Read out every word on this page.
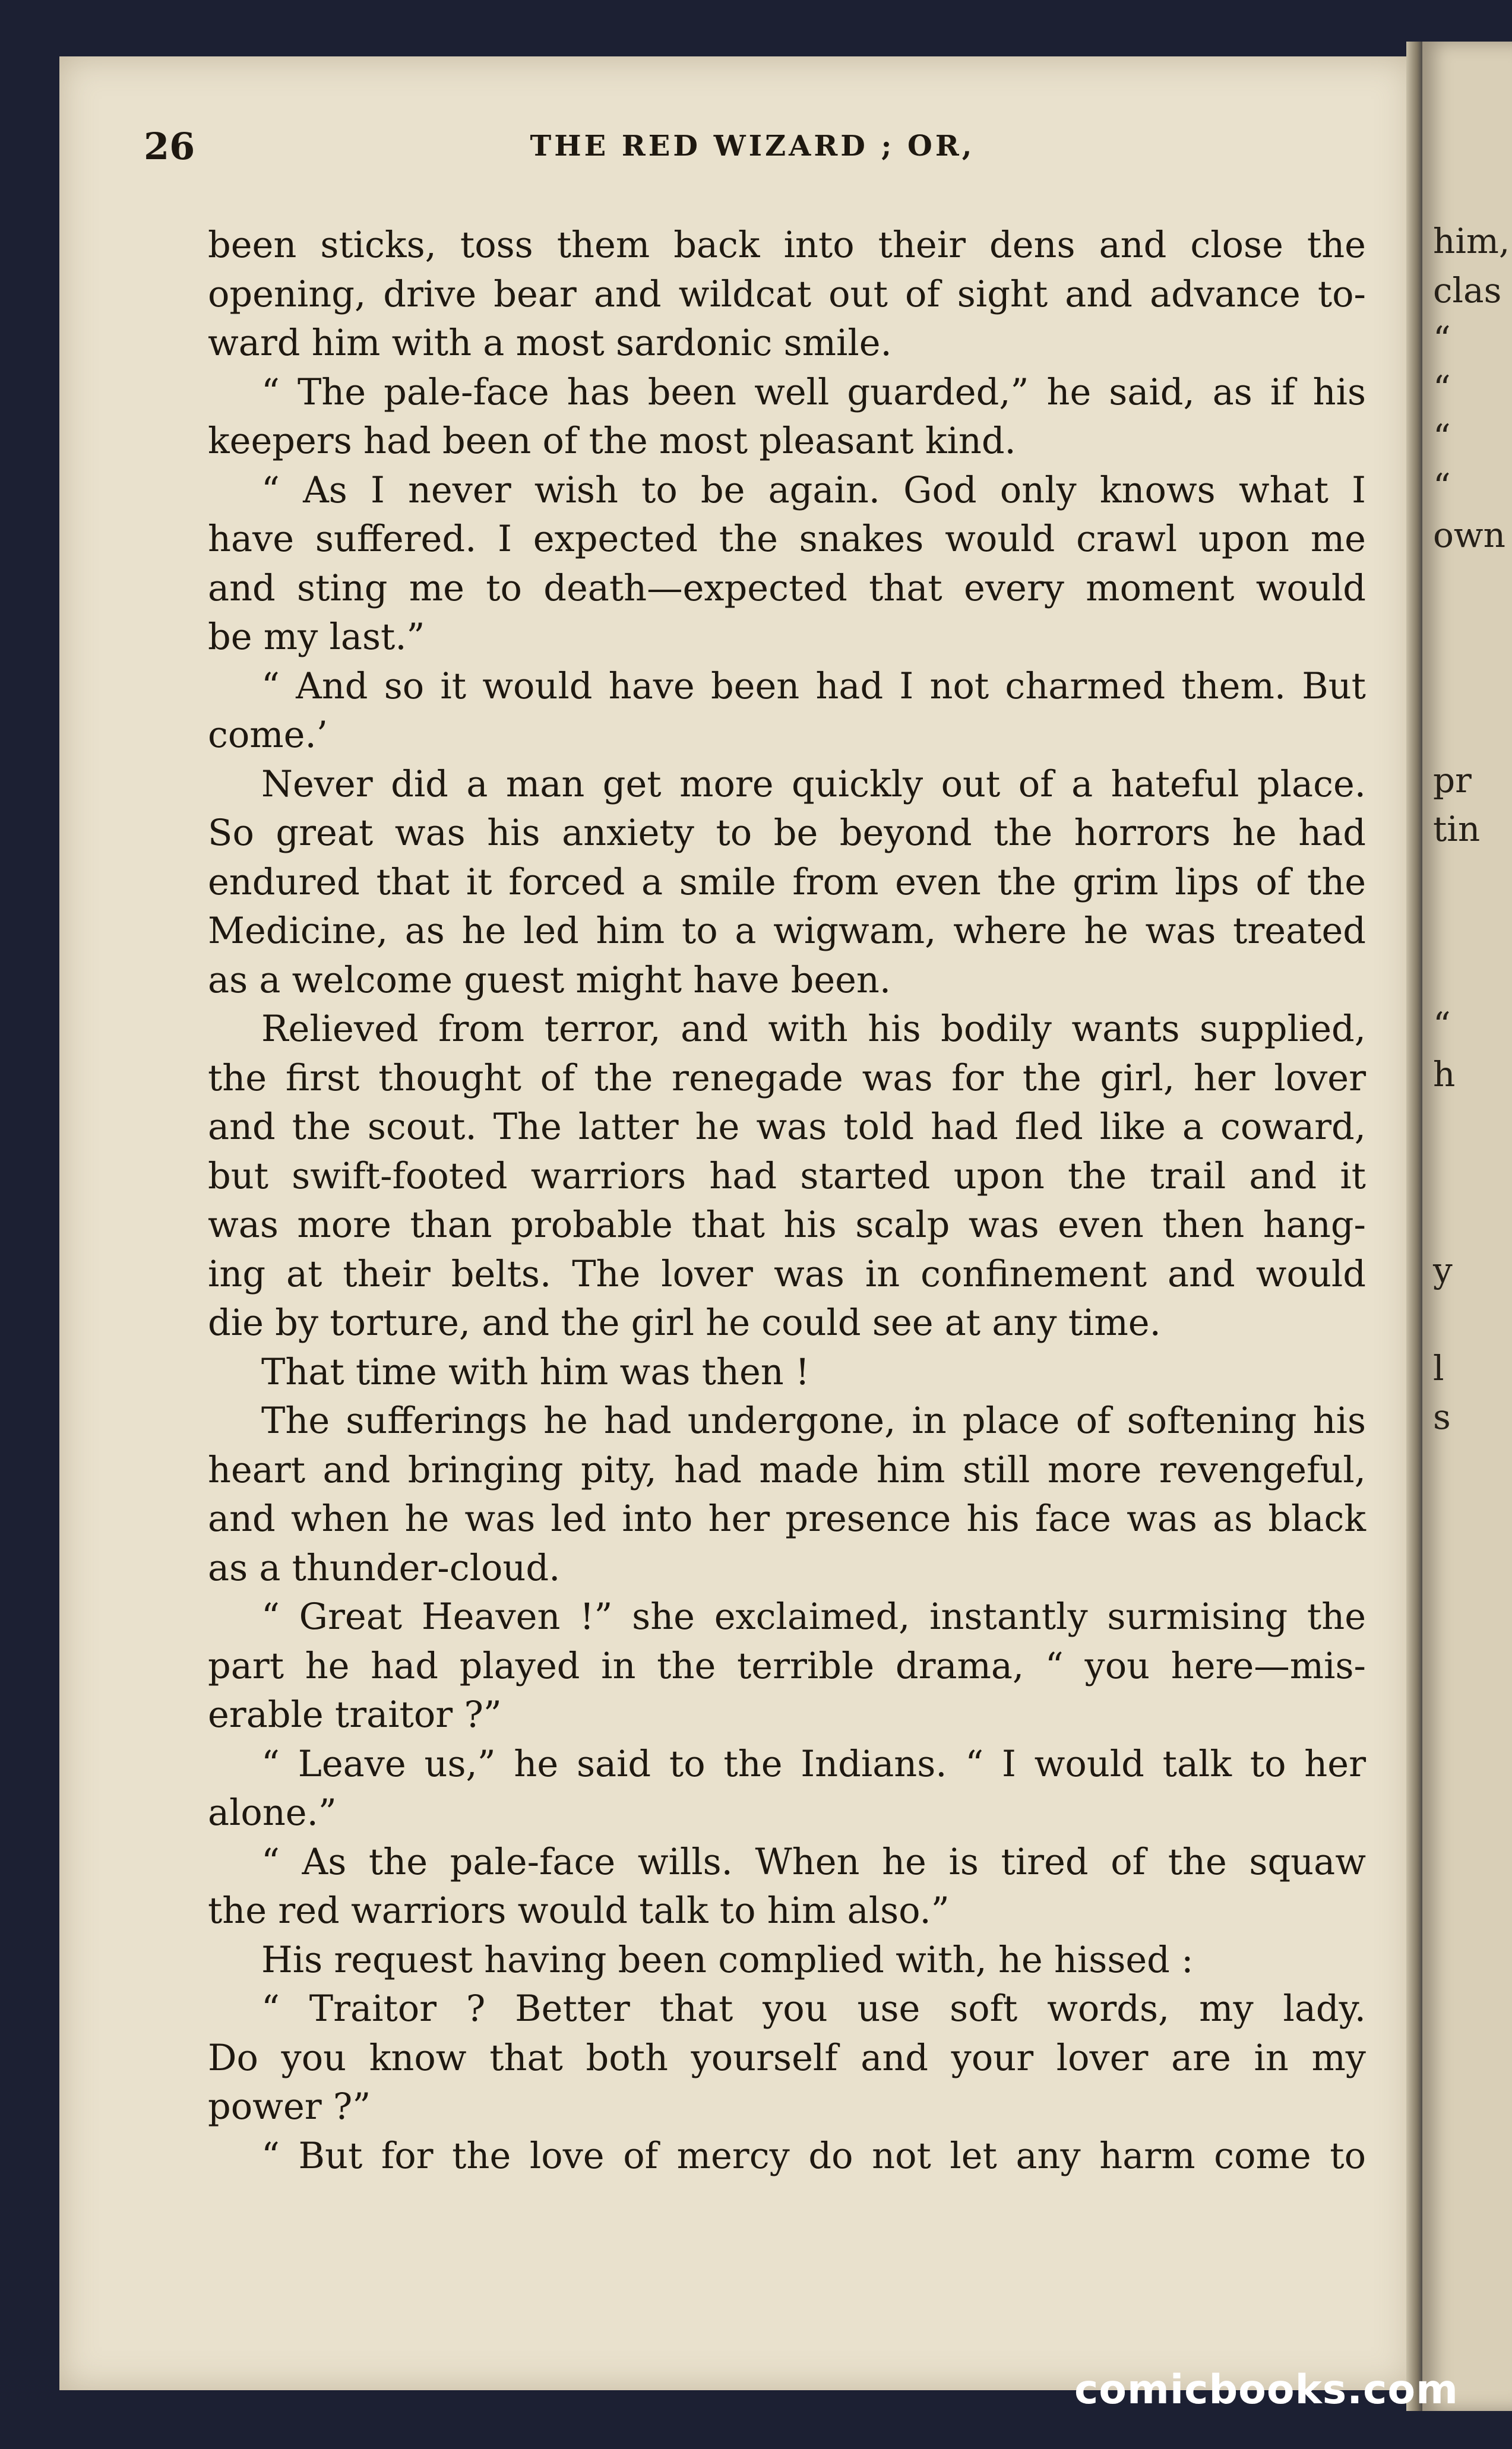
him,
clas
“
“
“
“
own
pr
tin
“
h
y
l
s
26	THE RED WIZARD ; OR,
been sticks, toss them back into their dens and close the
opening, drive bear and wildcat out of sight and advance to-
ward him with a most sardonic smile.
“ The pale-face has been well guarded,” he said, as if his
keepers had been of the most pleasant kind.
“ As I never wish to be again. God only knows what I
have suffered. I expected the snakes would crawl upon me
and sting me to death—expected that every moment would
be my last.”
“ And so it would have been had I not charmed them. But
come.’
Never did a man get more quickly out of a hateful place.
So great was his anxiety to be beyond the horrors he had
endured that it forced a smile from even the grim lips of the
Medicine, as he led him to a wigwam, where he was treated
as a welcome guest might have been.
Relieved from terror, and with his bodily wants supplied,
the first thought of the renegade was for the girl, her lover
and the scout. The latter he was told had fled like a coward,
but swift-footed warriors had started upon the trail and it
was more than probable that his scalp was even then hang-
ing at their belts. The lover was in confinement and would
die by torture, and the girl he could see at any time.
That time with him was then !
The sufferings he had undergone, in place of softening his
heart and bringing pity, had made him still more revengeful,
and when he was led into her presence his face was as black
as a thunder-cloud.
“ Great Heaven !” she exclaimed, instantly surmising the
part he had played in the terrible drama, “ you here—mis-
erable traitor ?”
“ Leave us,” he said to the Indians. “ I would talk to her
alone.”
“ As the pale-face wills. When he is tired of the squaw
the red warriors would talk to him also.”
His request having been complied with, he hissed :
“ Traitor ? Better that you use soft words, my lady.
Do you know that both yourself and your lover are in my
power ?”
“ But for the love of mercy do not let any harm come to
comicbooks.com
